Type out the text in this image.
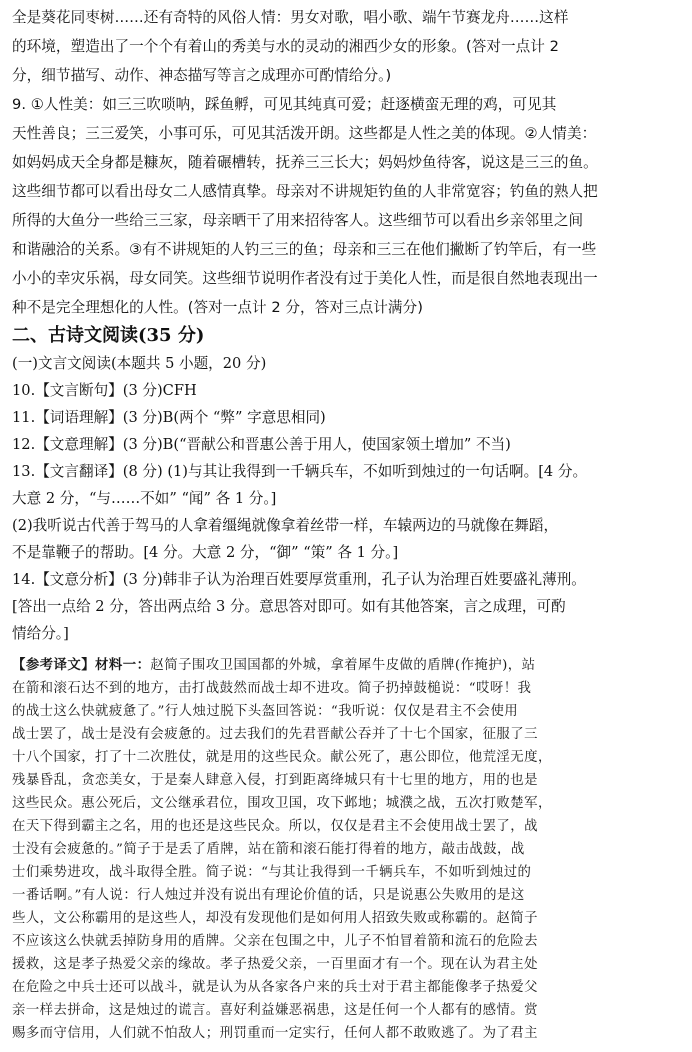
全是葵花同枣树……还有奇特的风俗人情：男女对歌，唱小歌、端午节赛龙舟……这样
的环境，塑造出了一个个有着山的秀美与水的灵动的湘西少女的形象。(答对一点计 2
分，细节描写、动作、神态描写等言之成理亦可酌情给分。)
9. ①人性美：如三三吹唢呐，踩鱼孵，可见其纯真可爱；赶逐横蛮无理的鸡，可见其
天性善良；三三爱笑，小事可乐，可见其活泼开朗。这些都是人性之美的体现。②人情美：
如妈妈成天全身都是糠灰，随着碾槽转，抚养三三长大；妈妈炒鱼待客，说这是三三的鱼。
这些细节都可以看出母女二人感情真挚。母亲对不讲规矩钓鱼的人非常宽容；钓鱼的熟人把
所得的大鱼分一些给三三家，母亲晒干了用来招待客人。这些细节可以看出乡亲邻里之间
和谐融洽的关系。③有不讲规矩的人钓三三的鱼；母亲和三三在他们撇断了钓竿后，有一些
小小的幸灾乐祸，母女同笑。这些细节说明作者没有过于美化人性，而是很自然地表现出一
种不是完全理想化的人性。(答对一点计 2 分，答对三点计满分)
二、古诗文阅读(35 分)
(一)文言文阅读(本题共 5 小题，20 分)
10.【文言断句】(3 分)CFH
11.【词语理解】(3 分)B(两个 “弊” 字意思相同)
12.【文意理解】(3 分)B(“晋献公和晋惠公善于用人，使国家领土增加” 不当)
13.【文言翻译】(8 分) (1)与其让我得到一千辆兵车，不如听到烛过的一句话啊。[4 分。
大意 2 分，“与……不如” “闻” 各 1 分。]
(2)我听说古代善于驾马的人拿着缰绳就像拿着丝带一样，车辕两边的马就像在舞蹈，
不是靠鞭子的帮助。[4 分。大意 2 分，“御” “策” 各 1 分。]
14.【文意分析】(3 分)韩非子认为治理百姓要厚赏重刑，孔子认为治理百姓要盛礼薄刑。
[答出一点给 2 分，答出两点给 3 分。意思答对即可。如有其他答案，言之成理，可酌
情给分。]
【参考译文】材料一：赵简子围攻卫国国都的外城，拿着犀牛皮做的盾牌(作掩护)，站
在箭和滚石达不到的地方，击打战鼓然而战士却不进攻。简子扔掉鼓槌说：“哎呀！我
的战士这么快就疲惫了。”行人烛过脱下头盔回答说：“我听说：仅仅是君主不会使用
战士罢了，战士是没有会疲惫的。过去我们的先君晋献公吞并了十七个国家，征服了三
十八个国家，打了十二次胜仗，就是用的这些民众。献公死了，惠公即位，他荒淫无度，
残暴昏乱，贪恋美女，于是秦人肆意入侵，打到距离绛城只有十七里的地方，用的也是
这些民众。惠公死后，文公继承君位，围攻卫国，攻下邺地；城濮之战，五次打败楚军，
在天下得到霸主之名，用的也还是这些民众。所以，仅仅是君主不会使用战士罢了，战
士没有会疲惫的。”简子于是丢了盾牌，站在箭和滚石能打得着的地方，敲击战鼓，战
士们乘势进攻，战斗取得全胜。简子说：“与其让我得到一千辆兵车，不如听到烛过的
一番话啊。”有人说：行人烛过并没有说出有理论价值的话，只是说惠公失败用的是这
些人，文公称霸用的是这些人，却没有发现他们是如何用人招致失败或称霸的。赵简子
不应该这么快就丢掉防身用的盾牌。父亲在包围之中，儿子不怕冒着箭和流石的危险去
援救，这是孝子热爱父亲的缘故。孝子热爱父亲，一百里面才有一个。现在认为君主处
在危险之中兵士还可以战斗，就是认为从各家各户来的兵士对于君主都能像孝子热爱父
亲一样去拼命，这是烛过的谎言。喜好利益嫌恶祸患，这是任何一个人都有的感情。赏
赐多而守信用，人们就不怕敌人；刑罚重而一定实行，任何人都不敢败逃了。为了君主
